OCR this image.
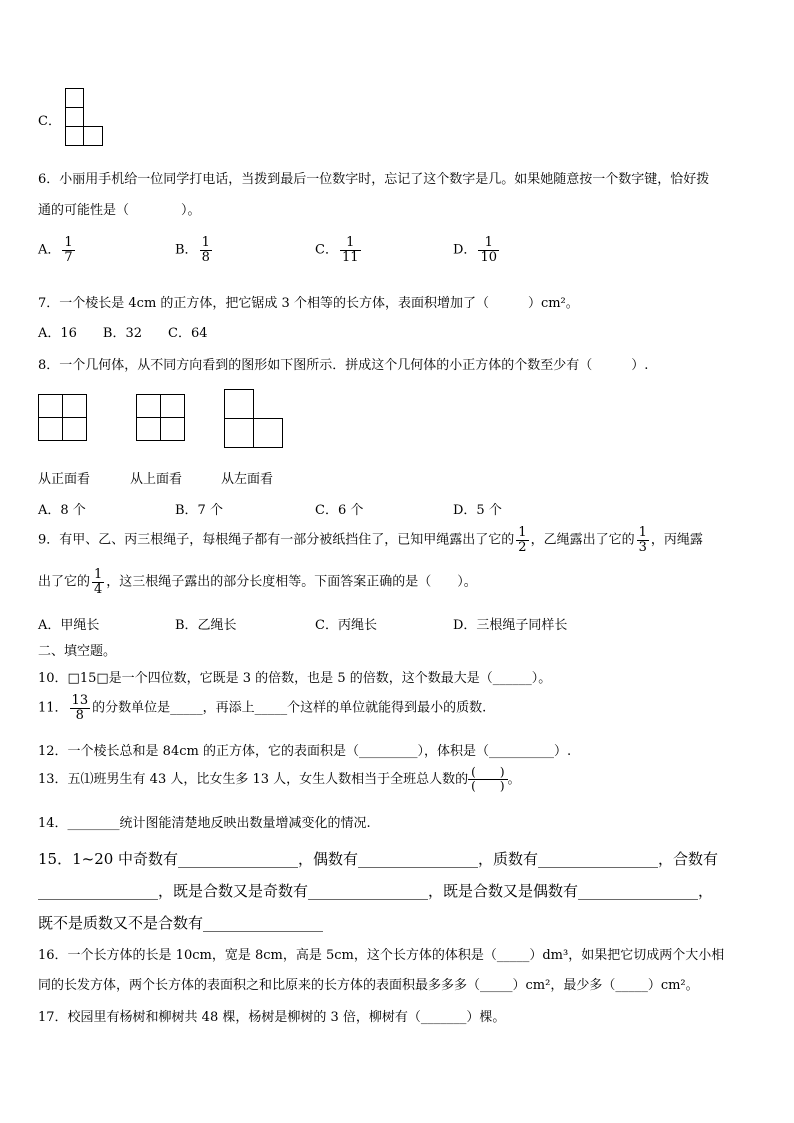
C．
6．小丽用手机给一位同学打电话，当拨到最后一位数字时，忘记了这个数字是几。如果她随意按一个数字键，恰好拨
通的可能性是（　　　　）。
A． $\frac{1}{7}$	B． $\frac{1}{8}$	C． $\frac{1}{11}$	D． $\frac{1}{10}$
7．一个棱长是 4cm 的正方体，把它锯成 3 个相等的长方体，表面积增加了（　　　）cm²。
A．16　　B．32　　C．64
8．一个几何体，从不同方向看到的图形如下图所示．拼成这个几何体的小正方体的个数至少有（　　　）.
从正面看	从上面看	从左面看
A．8 个	B．7 个	C．6 个	D．5 个
9．有甲、乙、丙三根绳子，每根绳子都有一部分被纸挡住了，已知甲绳露出了它的 $\frac{1}{2}$ ，乙绳露出了它的 $\frac{1}{3}$ ，丙绳露
出了它的 $\frac{1}{4}$ ，这三根绳子露出的部分长度相等。下面答案正确的是（　　）。
A．甲绳长	B．乙绳长	C．丙绳长	D．三根绳子同样长
二、填空题。
10．□15□是一个四位数，它既是 3 的倍数，也是 5 的倍数，这个数最大是（______）。
11． $\frac{13}{8}$ 的分数单位是_____，再添上_____个这样的单位就能得到最小的质数.
12．一个棱长总和是 84cm 的正方体，它的表面积是（_________），体积是（__________）.
13．五⑴班男生有 43 人，比女生多 13 人，女生人数相当于全班总人数的 $\frac{( )}{( )}$ 。
14．________统计图能清楚地反映出数量增减变化的情况.
15．1~20 中奇数有________________，偶数有________________，质数有________________，合数有
________________，既是合数又是奇数有________________，既是合数又是偶数有________________，
既不是质数又不是合数有________________
16．一个长方体的长是 10cm，宽是 8cm，高是 5cm，这个长方体的体积是（_____）dm³，如果把它切成两个大小相
同的长发方体，两个长方体的表面积之和比原来的长方体的表面积最多多多（_____）cm²，最少多（_____）cm²。
17．校园里有杨树和柳树共 48 棵，杨树是柳树的 3 倍，柳树有（_______）棵。
